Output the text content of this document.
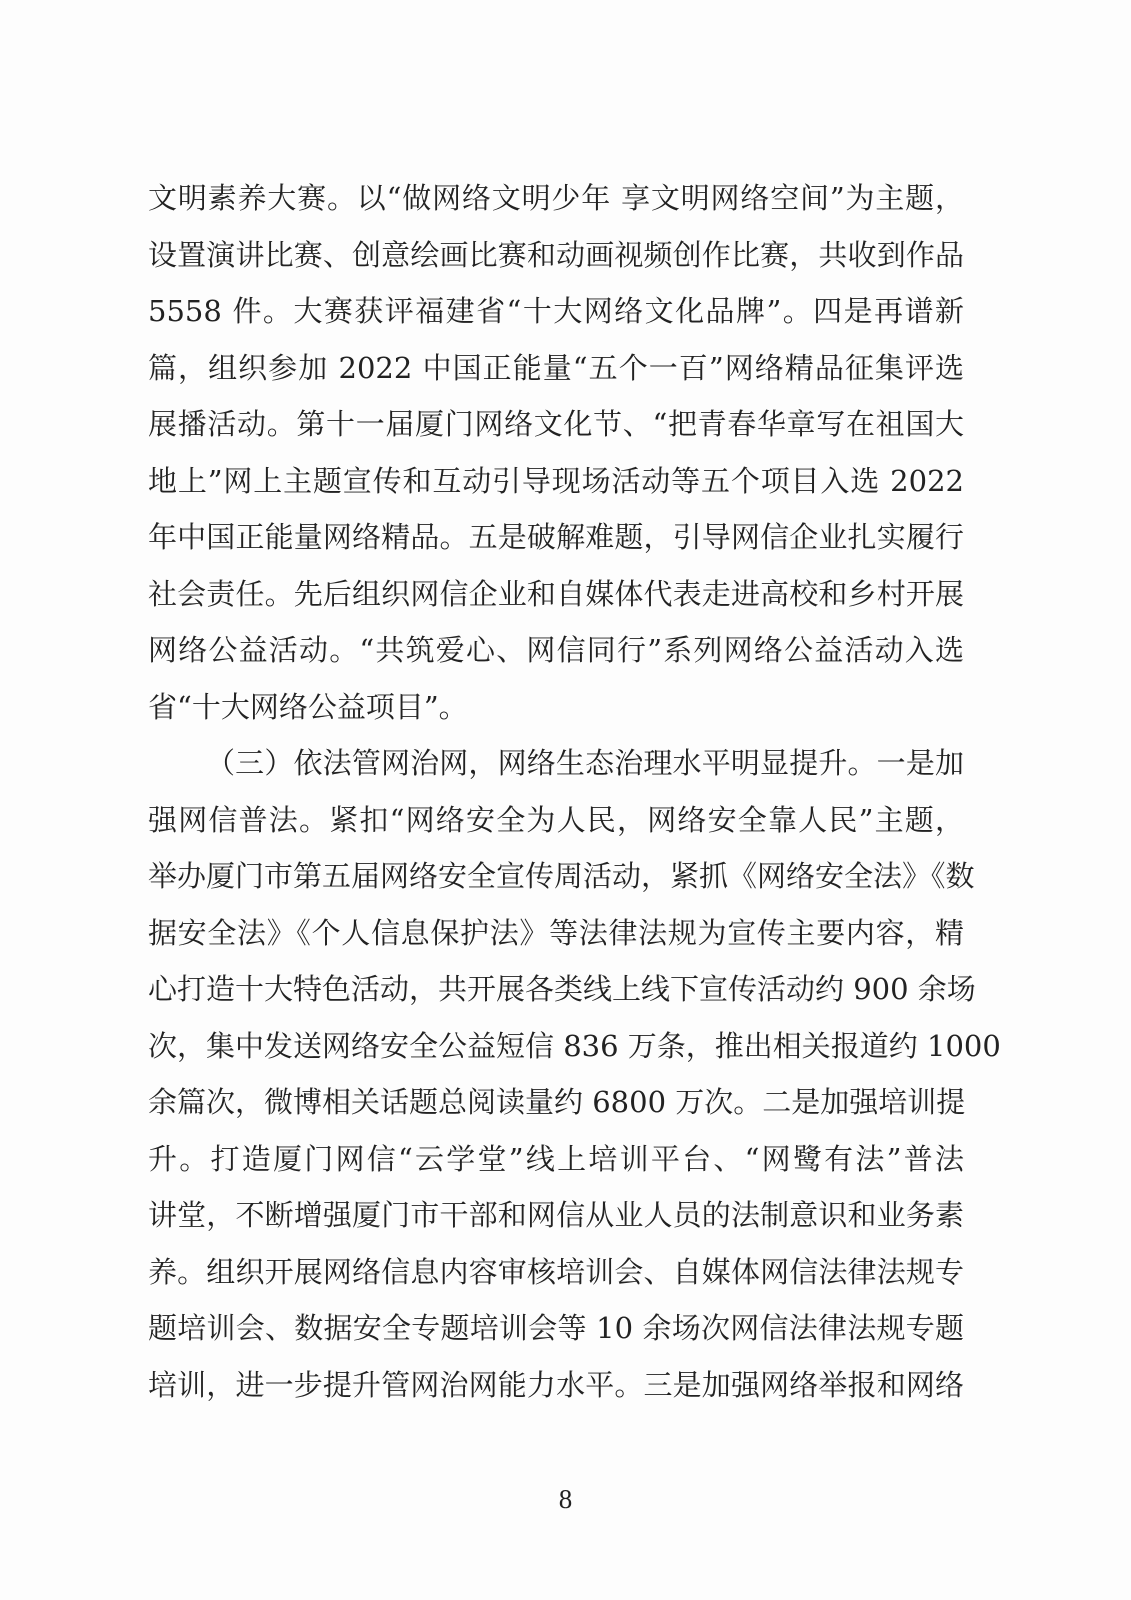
文明素养大赛。以“做网络文明少年 享文明网络空间”为主题，
设置演讲比赛、创意绘画比赛和动画视频创作比赛，共收到作品
5558 件。大赛获评福建省“十大网络文化品牌”。四是再谱新
篇，组织参加 2022 中国正能量“五个一百”网络精品征集评选
展播活动。第十一届厦门网络文化节、“把青春华章写在祖国大
地上”网上主题宣传和互动引导现场活动等五个项目入选 2022
年中国正能量网络精品。五是破解难题，引导网信企业扎实履行
社会责任。先后组织网信企业和自媒体代表走进高校和乡村开展
网络公益活动。“共筑爱心、网信同行”系列网络公益活动入选
省“十大网络公益项目”。
（三）依法管网治网，网络生态治理水平明显提升。一是加
强网信普法。紧扣“网络安全为人民，网络安全靠人民”主题，
举办厦门市第五届网络安全宣传周活动，紧抓《网络安全法》《数
据安全法》《个人信息保护法》等法律法规为宣传主要内容，精
心打造十大特色活动，共开展各类线上线下宣传活动约 900 余场
次，集中发送网络安全公益短信 836 万条，推出相关报道约 1000
余篇次，微博相关话题总阅读量约 6800 万次。二是加强培训提
升。打造厦门网信“云学堂”线上培训平台、“网鹭有法”普法
讲堂，不断增强厦门市干部和网信从业人员的法制意识和业务素
养。组织开展网络信息内容审核培训会、自媒体网信法律法规专
题培训会、数据安全专题培训会等 10 余场次网信法律法规专题
培训，进一步提升管网治网能力水平。三是加强网络举报和网络
8
